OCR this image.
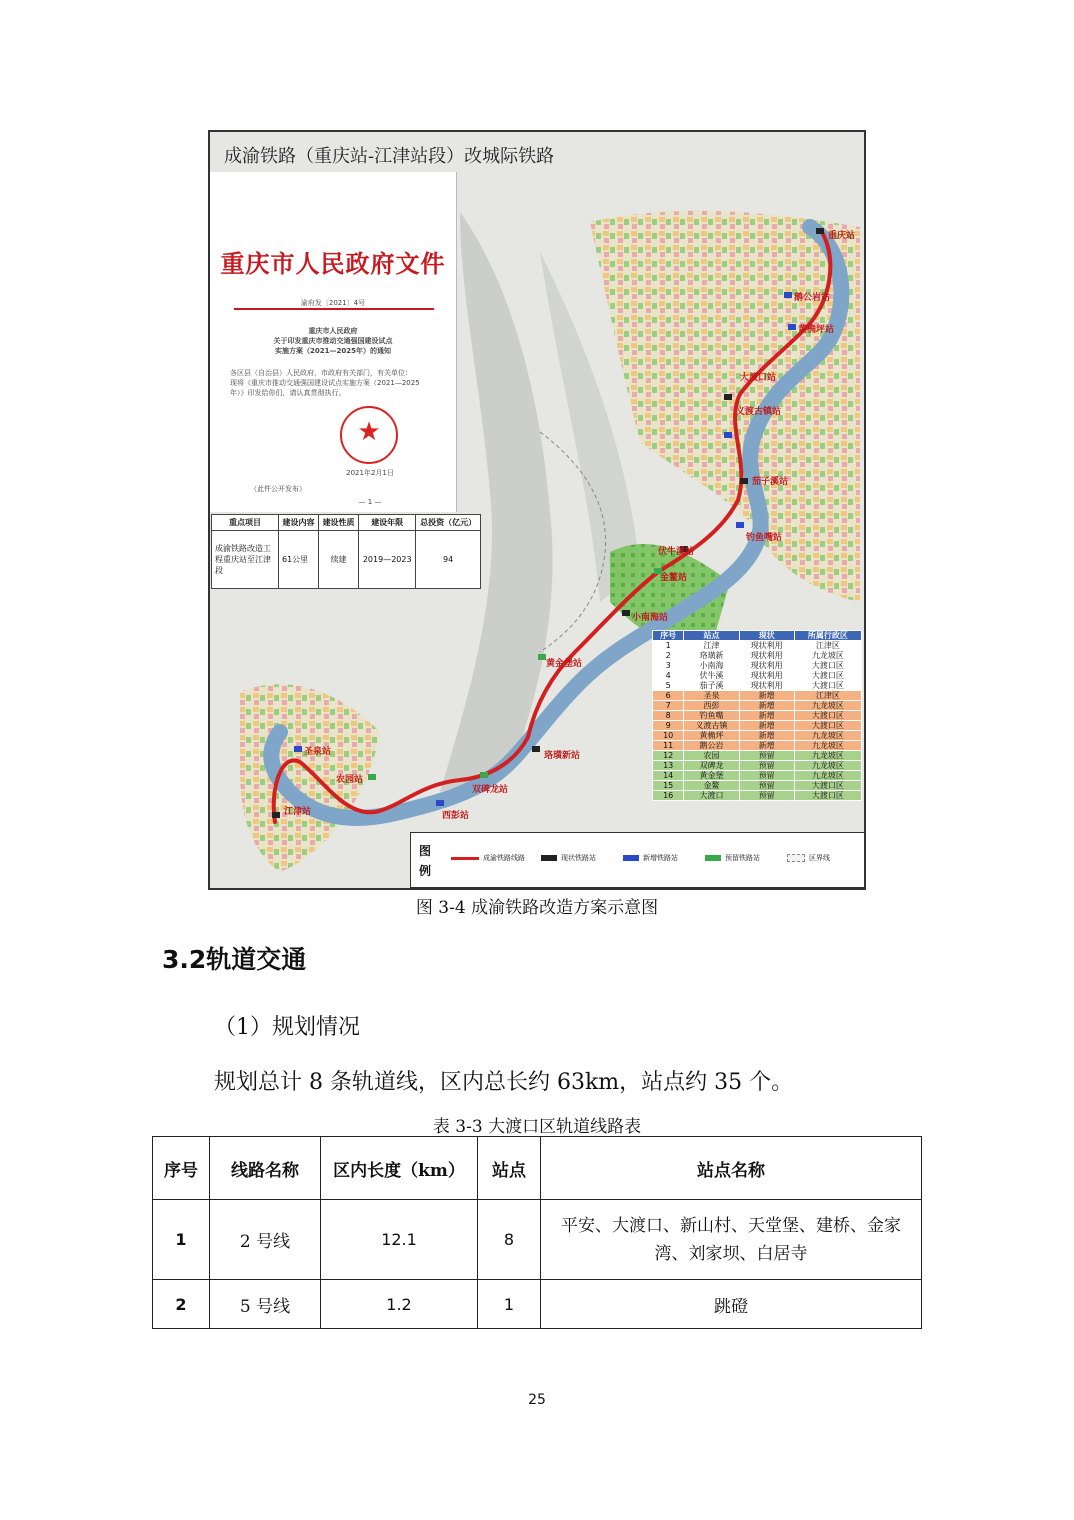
成渝铁路（重庆站-江津站段）改城际铁路
重庆市人民政府文件
渝府发〔2021〕4号
重庆市人民政府
关于印发重庆市推动交通强国建设试点
实施方案（2021—2025年）的通知
各区县（自治县）人民政府，市政府有关部门，有关单位：
现将《重庆市推动交通强国建设试点实施方案（2021—2025
年）》印发给你们，请认真贯彻执行。
★
2021年2月1日
（此件公开发布）
— 1 —
重点项目	建设内容	建设性质	建设年限	总投资（亿元）
成渝铁路改造工程重庆站至江津段	61公里	续建	2019—2023	94
重庆站
鹅公岩站
黄桷坪站
大渡口站
义渡古镇站
茄子溪站
钓鱼嘴站
伏牛溪站
金鳌站
小南海站
黄金堡站
珞璜新站
双碑龙站
西彭站
农园站
圣泉站
江津站
序号	站点	现状	所属行政区
1	江津	现状利用	江津区
2	珞璜新	现状利用	九龙坡区
3	小南海	现状利用	大渡口区
4	伏牛溪	现状利用	大渡口区
5	茄子溪	现状利用	大渡口区
6	圣泉	新增	江津区
7	西彭	新增	九龙坡区
8	钓鱼嘴	新增	大渡口区
9	义渡古镇	新增	大渡口区
10	黄桷坪	新增	九龙坡区
11	鹅公岩	新增	九龙坡区
12	农园	预留	九龙坡区
13	双碑龙	预留	九龙坡区
14	黄金堡	预留	九龙坡区
15	金鳌	预留	大渡口区
16	大渡口	预留	大渡口区
图例
成渝铁路线路	现状铁路站	新增铁路站	预留铁路站	区界线
图 3-4 成渝铁路改造方案示意图
3.2轨道交通
（1）规划情况
规划总计 8 条轨道线，区内总长约 63km，站点约 35 个。
表 3-3 大渡口区轨道线路表
序号	线路名称	区内长度（km）	站点	站点名称
1	2 号线	12.1	8	平安、大渡口、新山村、天堂堡、建桥、金家湾、刘家坝、白居寺
2	5 号线	1.2	1	跳磴
25
